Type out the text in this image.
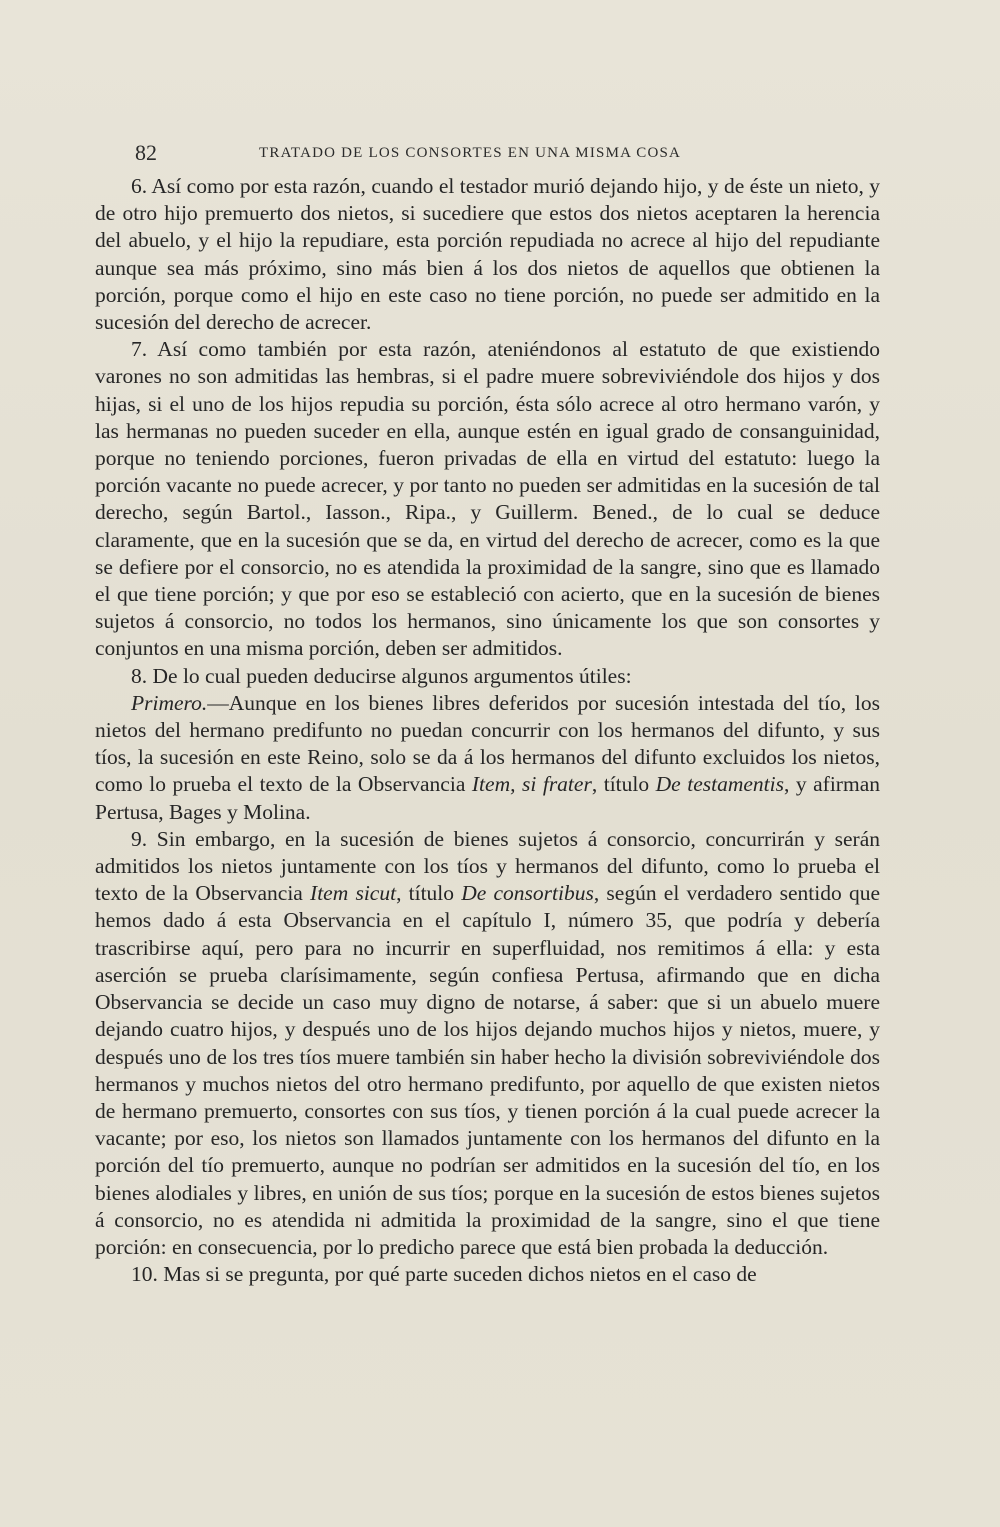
82	TRATADO DE LOS CONSORTES EN UNA MISMA COSA

6. Así como por esta razón, cuando el testador murió dejando hijo, y de éste un nieto, y de otro hijo premuerto dos nietos, si sucediere que estos dos nietos aceptaren la herencia del abuelo, y el hijo la repudiare, esta porción repudiada no acrece al hijo del repudiante aunque sea más próximo, sino más bien á los dos nietos de aquellos que obtienen la porción, porque como el hijo en este caso no tiene porción, no puede ser admitido en la sucesión del derecho de acrecer.

7. Así como también por esta razón, ateniéndonos al estatuto de que existiendo varones no son admitidas las hembras, si el padre muere sobreviviéndole dos hijos y dos hijas, si el uno de los hijos repudia su porción, ésta sólo acrece al otro hermano varón, y las hermanas no pueden suceder en ella, aunque estén en igual grado de consanguinidad, porque no teniendo porciones, fueron privadas de ella en virtud del estatuto: luego la porción vacante no puede acrecer, y por tanto no pueden ser admitidas en la sucesión de tal derecho, según Bartol., Iasson., Ripa., y Guillerm. Bened., de lo cual se deduce claramente, que en la sucesión que se da, en virtud del derecho de acrecer, como es la que se defiere por el consorcio, no es atendida la proximidad de la sangre, sino que es llamado el que tiene porción; y que por eso se estableció con acierto, que en la sucesión de bienes sujetos á consorcio, no todos los hermanos, sino únicamente los que son consortes y conjuntos en una misma porción, deben ser admitidos.

8. De lo cual pueden deducirse algunos argumentos útiles:

Primero.—Aunque en los bienes libres deferidos por sucesión intestada del tío, los nietos del hermano predifunto no puedan concurrir con los hermanos del difunto, y sus tíos, la sucesión en este Reino, solo se da á los hermanos del difunto excluidos los nietos, como lo prueba el texto de la Observancia Item, si frater, título De testamentis, y afirman Pertusa, Bages y Molina.

9. Sin embargo, en la sucesión de bienes sujetos á consorcio, concurrirán y serán admitidos los nietos juntamente con los tíos y hermanos del difunto, como lo prueba el texto de la Observancia Item sicut, título De consortibus, según el verdadero sentido que hemos dado á esta Observancia en el capítulo I, número 35, que podría y debería trascribirse aquí, pero para no incurrir en superfluidad, nos remitimos á ella: y esta aserción se prueba clarísimamente, según confiesa Pertusa, afirmando que en dicha Observancia se decide un caso muy digno de notarse, á saber: que si un abuelo muere dejando cuatro hijos, y después uno de los hijos dejando muchos hijos y nietos, muere, y después uno de los tres tíos muere también sin haber hecho la división sobreviviéndole dos hermanos y muchos nietos del otro hermano predifunto, por aquello de que existen nietos de hermano premuerto, consortes con sus tíos, y tienen porción á la cual puede acrecer la vacante; por eso, los nietos son llamados juntamente con los hermanos del difunto en la porción del tío premuerto, aunque no podrían ser admitidos en la sucesión del tío, en los bienes alodiales y libres, en unión de sus tíos; porque en la sucesión de estos bienes sujetos á consorcio, no es atendida ni admitida la proximidad de la sangre, sino el que tiene porción: en consecuencia, por lo predicho parece que está bien probada la deducción.

10. Mas si se pregunta, por qué parte suceden dichos nietos en el caso de
